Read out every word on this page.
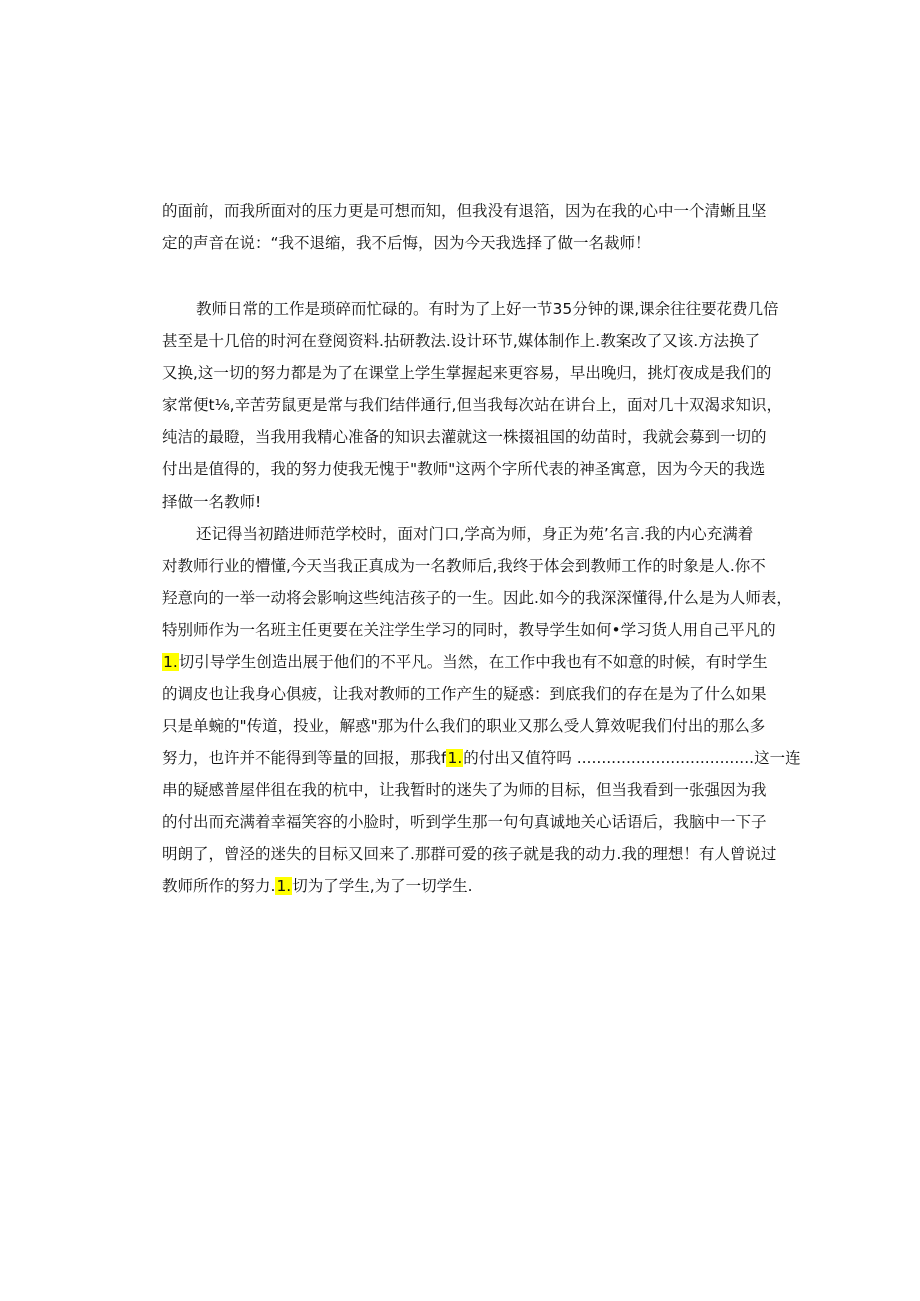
的面前，而我所面对的压力更是可想而知，但我没有退箔，因为在我的心中一个清蜥且坚
定的声音在说：“我不退缩，我不后悔，因为今天我选择了做一名裁师！
教师日常的工作是琐碎而忙碌的。有时为了上好一节35分钟的课,课余往往要花费几倍
甚至是十几倍的时河在登阅资料.拈研教法.设计环节,媒体制作上.教案改了又该.方法换了
又换,这一切的努力都是为了在课堂上学生掌握起来更容易，早出晚归，挑灯夜成是我们的
家常便t⅛,辛苦劳鼠更是常与我们结伴通行,但当我每次站在讲台上，面对几十双渴求知识，
纯洁的最瞪，当我用我精心准备的知识去灌就这一株掇祖国的幼苗时，我就会募到一切的
付出是值得的，我的努力使我无愧于"教师"这两个字所代表的神圣寓意，因为今天的我选
择做一名教师!
还记得当初踏进师范学校时，面对门口,学高为师，身正为苑’名言.我的内心充满着
对教师行业的懵懂,今天当我正真成为一名教师后,我终于体会到教师工作的时象是人.你不
羟意向的一举一动将会影响这些纯洁孩子的一生。因此.如今的我深深懂得,什么是为人师表，
特别师作为一名班主任更要在关注学生学习的同时，教导学生如何•学习货人用自己平凡的
1.切引导学生创造出展于他们的不平凡。当然，在工作中我也有不如意的时候，有时学生
的调皮也让我身心俱疲，让我对教师的工作产生的疑惑：到底我们的存在是为了什么如果
只是单蜿的"传道，投业，解惑"那为什么我们的职业又那么受人算效呢我们付出的那么多
努力，也许并不能得到等量的回报，那我f1.的付出又值符吗 ....................................这一连
串的疑感普屋伴徂在我的杭中，让我暂时的迷失了为师的目标，但当我看到一张强因为我
的付出而充满着幸福笑容的小脸时，听到学生那一句句真诚地关心话语后，我脑中一下子
明朗了，曾泾的迷失的目标又回来了.那群可爱的孩子就是我的动力.我的理想！有人曾说过
教师所作的努力.1.切为了学生,为了一切学生.
